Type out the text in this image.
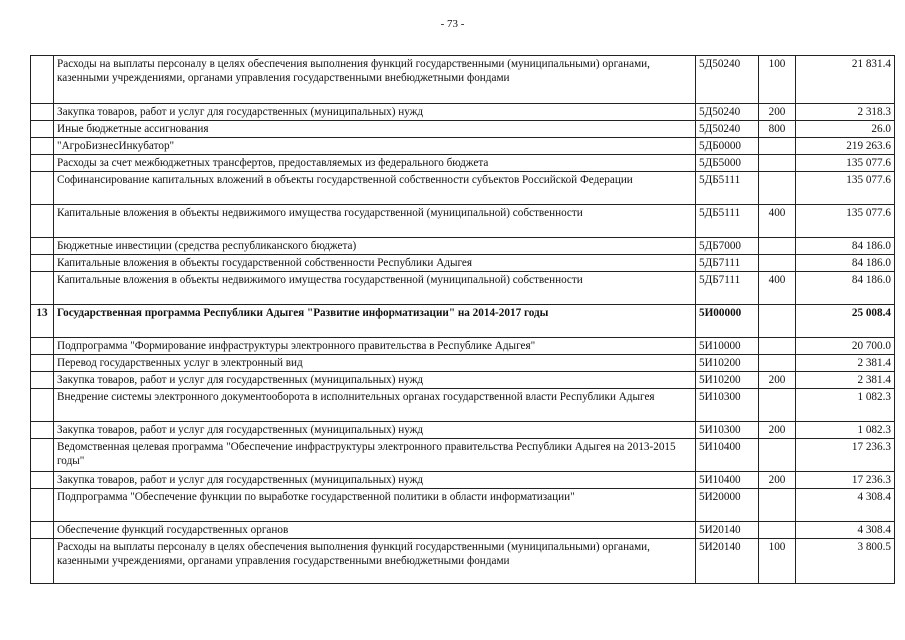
- 73 -
	Расходы на выплаты персоналу в целях обеспечения выполнения функций государственными (муниципальными) органами, казенными учреждениями, органами управления государственными внебюджетными фондами	5Д50240	100	21 831.4
	Закупка товаров, работ и услуг для государственных (муниципальных) нужд	5Д50240	200	2 318.3
	Иные бюджетные ассигнования	5Д50240	800	26.0
	"АгроБизнесИнкубатор"	5ДБ0000		219 263.6
	Расходы за счет межбюджетных трансфертов, предоставляемых из федерального бюджета	5ДБ5000		135 077.6
	Софинансирование капитальных вложений в объекты государственной собственности субъектов Российской Федерации	5ДБ5111		135 077.6
	Капитальные вложения в объекты недвижимого имущества государственной (муниципальной) собственности	5ДБ5111	400	135 077.6
	Бюджетные инвестиции (средства республиканского бюджета)	5ДБ7000		84 186.0
	Капитальные вложения в объекты государственной собственности Республики Адыгея	5ДБ7111		84 186.0
	Капитальные вложения в объекты недвижимого имущества государственной (муниципальной) собственности	5ДБ7111	400	84 186.0
13	Государственная программа Республики Адыгея "Развитие информатизации" на 2014-2017 годы	5И00000		25 008.4
	Подпрограмма "Формирование инфраструктуры электронного правительства в Республике Адыгея"	5И10000		20 700.0
	Перевод государственных услуг в электронный вид	5И10200		2 381.4
	Закупка товаров, работ и услуг для государственных (муниципальных) нужд	5И10200	200	2 381.4
	Внедрение системы электронного документооборота в исполнительных органах государственной власти Республики Адыгея	5И10300		1 082.3
	Закупка товаров, работ и услуг для государственных (муниципальных) нужд	5И10300	200	1 082.3
	Ведомственная целевая программа "Обеспечение инфраструктуры электронного правительства Республики Адыгея на 2013-2015 годы"	5И10400		17 236.3
	Закупка товаров, работ и услуг для государственных (муниципальных) нужд	5И10400	200	17 236.3
	Подпрограмма "Обеспечение функции по выработке государственной политики в области информатизации"	5И20000		4 308.4
	Обеспечение функций государственных органов	5И20140		4 308.4
	Расходы на выплаты персоналу в целях обеспечения выполнения функций государственными (муниципальными) органами, казенными учреждениями, органами управления государственными внебюджетными фондами	5И20140	100	3 800.5
